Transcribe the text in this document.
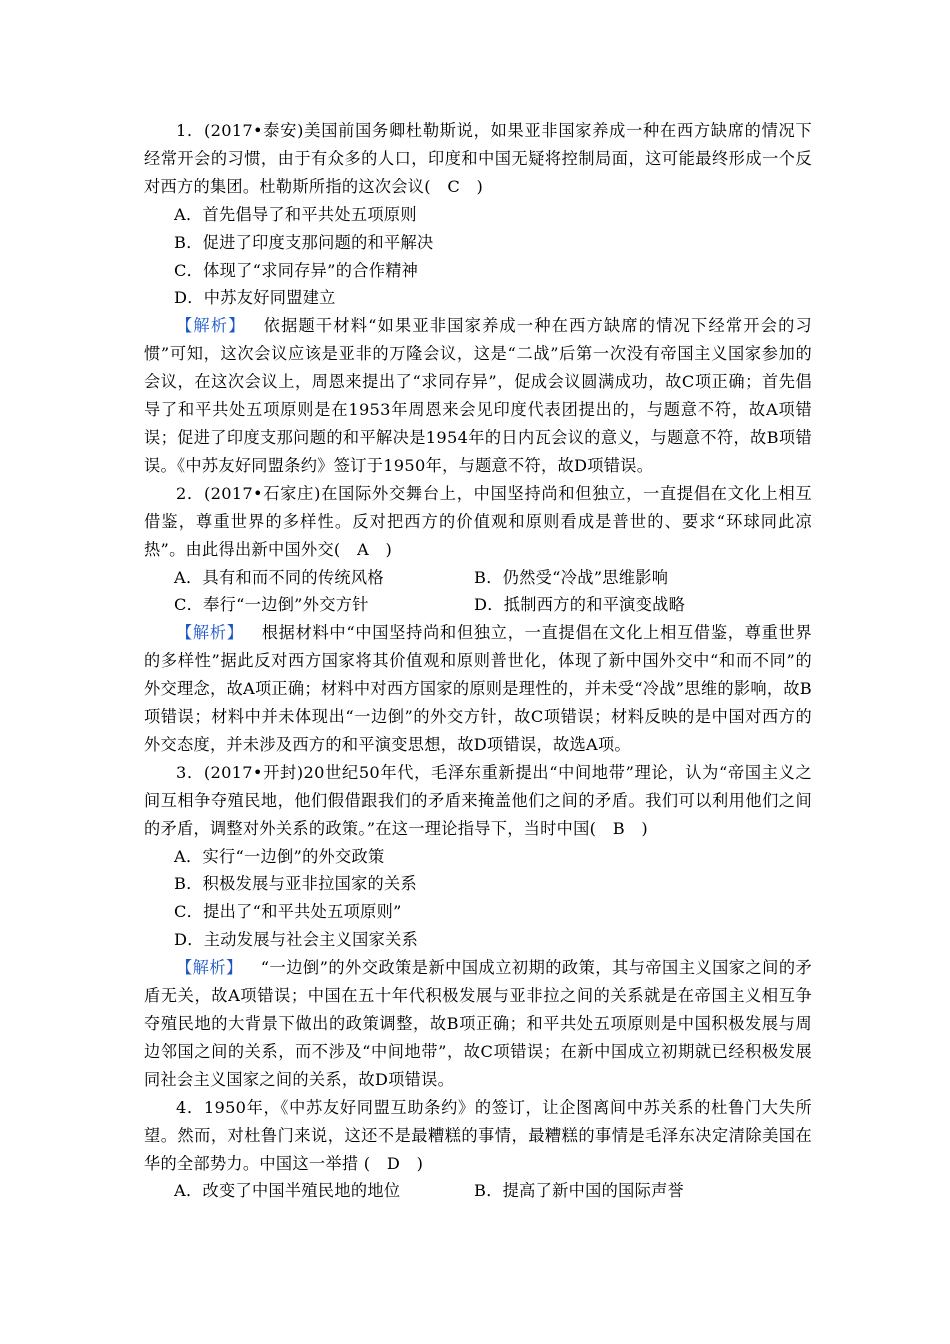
1．(2017•泰安)美国前国务卿杜勒斯说，如果亚非国家养成一种在西方缺席的情况下经常开会的习惯，由于有众多的人口，印度和中国无疑将控制局面，这可能最终形成一个反对西方的集团。杜勒斯所指的这次会议(　C　)

A．首先倡导了和平共处五项原则

B．促进了印度支那问题的和平解决

C．体现了“求同存异”的合作精神

D．中苏友好同盟建立

【解析】 依据题干材料“如果亚非国家养成一种在西方缺席的情况下经常开会的习惯”可知，这次会议应该是亚非的万隆会议，这是“二战”后第一次没有帝国主义国家参加的会议，在这次会议上，周恩来提出了“求同存异”，促成会议圆满成功，故C项正确；首先倡导了和平共处五项原则是在1953年周恩来会见印度代表团提出的，与题意不符，故A项错误；促进了印度支那问题的和平解决是1954年的日内瓦会议的意义，与题意不符，故B项错误。《中苏友好同盟条约》签订于1950年，与题意不符，故D项错误。

2．(2017•石家庄)在国际外交舞台上，中国坚持尚和但独立，一直提倡在文化上相互借鉴，尊重世界的多样性。反对把西方的价值观和原则看成是普世的、要求“环球同此凉热”。由此得出新中国外交(　A　)

A．具有和而不同的传统风格	B．仍然受“冷战”思维影响

C．奉行“一边倒”外交方针	D．抵制西方的和平演变战略

【解析】 根据材料中“中国坚持尚和但独立，一直提倡在文化上相互借鉴，尊重世界的多样性”据此反对西方国家将其价值观和原则普世化，体现了新中国外交中“和而不同”的外交理念，故A项正确；材料中对西方国家的原则是理性的，并未受“冷战”思维的影响，故B项错误；材料中并未体现出“一边倒”的外交方针，故C项错误；材料反映的是中国对西方的外交态度，并未涉及西方的和平演变思想，故D项错误，故选A项。

3．(2017•开封)20世纪50年代，毛泽东重新提出“中间地带”理论，认为“帝国主义之间互相争夺殖民地，他们假借跟我们的矛盾来掩盖他们之间的矛盾。我们可以利用他们之间的矛盾，调整对外关系的政策。”在这一理论指导下，当时中国(　B　)

A．实行“一边倒”的外交政策

B．积极发展与亚非拉国家的关系

C．提出了“和平共处五项原则”

D．主动发展与社会主义国家关系

【解析】 “一边倒”的外交政策是新中国成立初期的政策，其与帝国主义国家之间的矛盾无关，故A项错误；中国在五十年代积极发展与亚非拉之间的关系就是在帝国主义相互争夺殖民地的大背景下做出的政策调整，故B项正确；和平共处五项原则是中国积极发展与周边邻国之间的关系，而不涉及“中间地带”，故C项错误；在新中国成立初期就已经积极发展同社会主义国家之间的关系，故D项错误。

4．1950年，《中苏友好同盟互助条约》的签订，让企图离间中苏关系的杜鲁门大失所望。然而，对杜鲁门来说，这还不是最糟糕的事情，最糟糕的事情是毛泽东决定清除美国在华的全部势力。中国这一举措 (　D　)

A．改变了中国半殖民地的地位	B．提高了新中国的国际声誉
